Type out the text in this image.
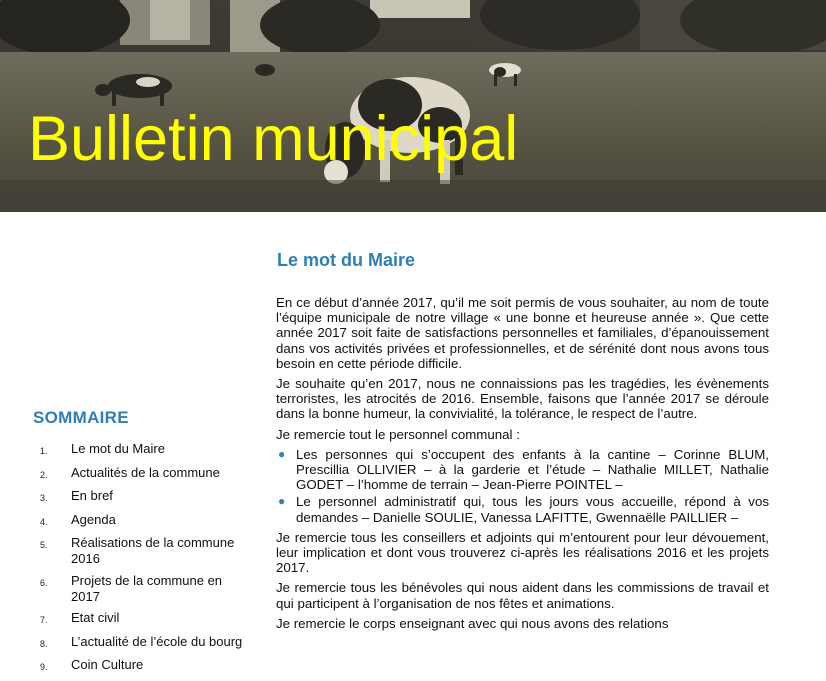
Bulletin municipal
SOMMAIRE
1.	Le mot du Maire
2.	Actualités de la commune
3.	En bref
4.	Agenda
5.	Réalisations de la commune 2016
6.	Projets de la commune en 2017
7.	Etat civil
8.	L’actualité de l’école du bourg
9.	Coin Culture
Le mot du Maire

En ce début d’année 2017, qu’il me soit permis de vous souhaiter, au nom de toute l’équipe municipale de notre village « une bonne et heureuse année ». Que cette année 2017 soit faite de satisfactions personnelles et familiales, d’épanouissement dans vos activités privées et professionnelles, et de sérénité dont nous avons tous besoin en cette période difficile.

Je souhaite qu’en 2017, nous ne connaissions pas les tragédies, les évènements terroristes, les atrocités de 2016. Ensemble, faisons que l’année 2017 se déroule dans la bonne humeur, la convivialité, la tolérance, le respect de l’autre.

Je remercie tout le personnel communal :

● Les personnes qui s’occupent des enfants à la cantine – Corinne BLUM, Prescillia OLLIVIER – à la garderie et l’étude – Nathalie MILLET, Nathalie GODET – l’homme de terrain – Jean-Pierre POINTEL –
● Le personnel administratif qui, tous les jours vous accueille, répond à vos demandes – Danielle SOULIE, Vanessa LAFITTE, Gwennaëlle PAILLIER –

Je remercie tous les conseillers et adjoints qui m’entourent pour leur dévouement, leur implication et dont vous trouverez ci-après les réalisations 2016 et les projets 2017.

Je remercie tous les bénévoles qui nous aident dans les commissions de travail et qui participent à l’organisation de nos fêtes et animations.

Je remercie le corps enseignant avec qui nous avons des relations
